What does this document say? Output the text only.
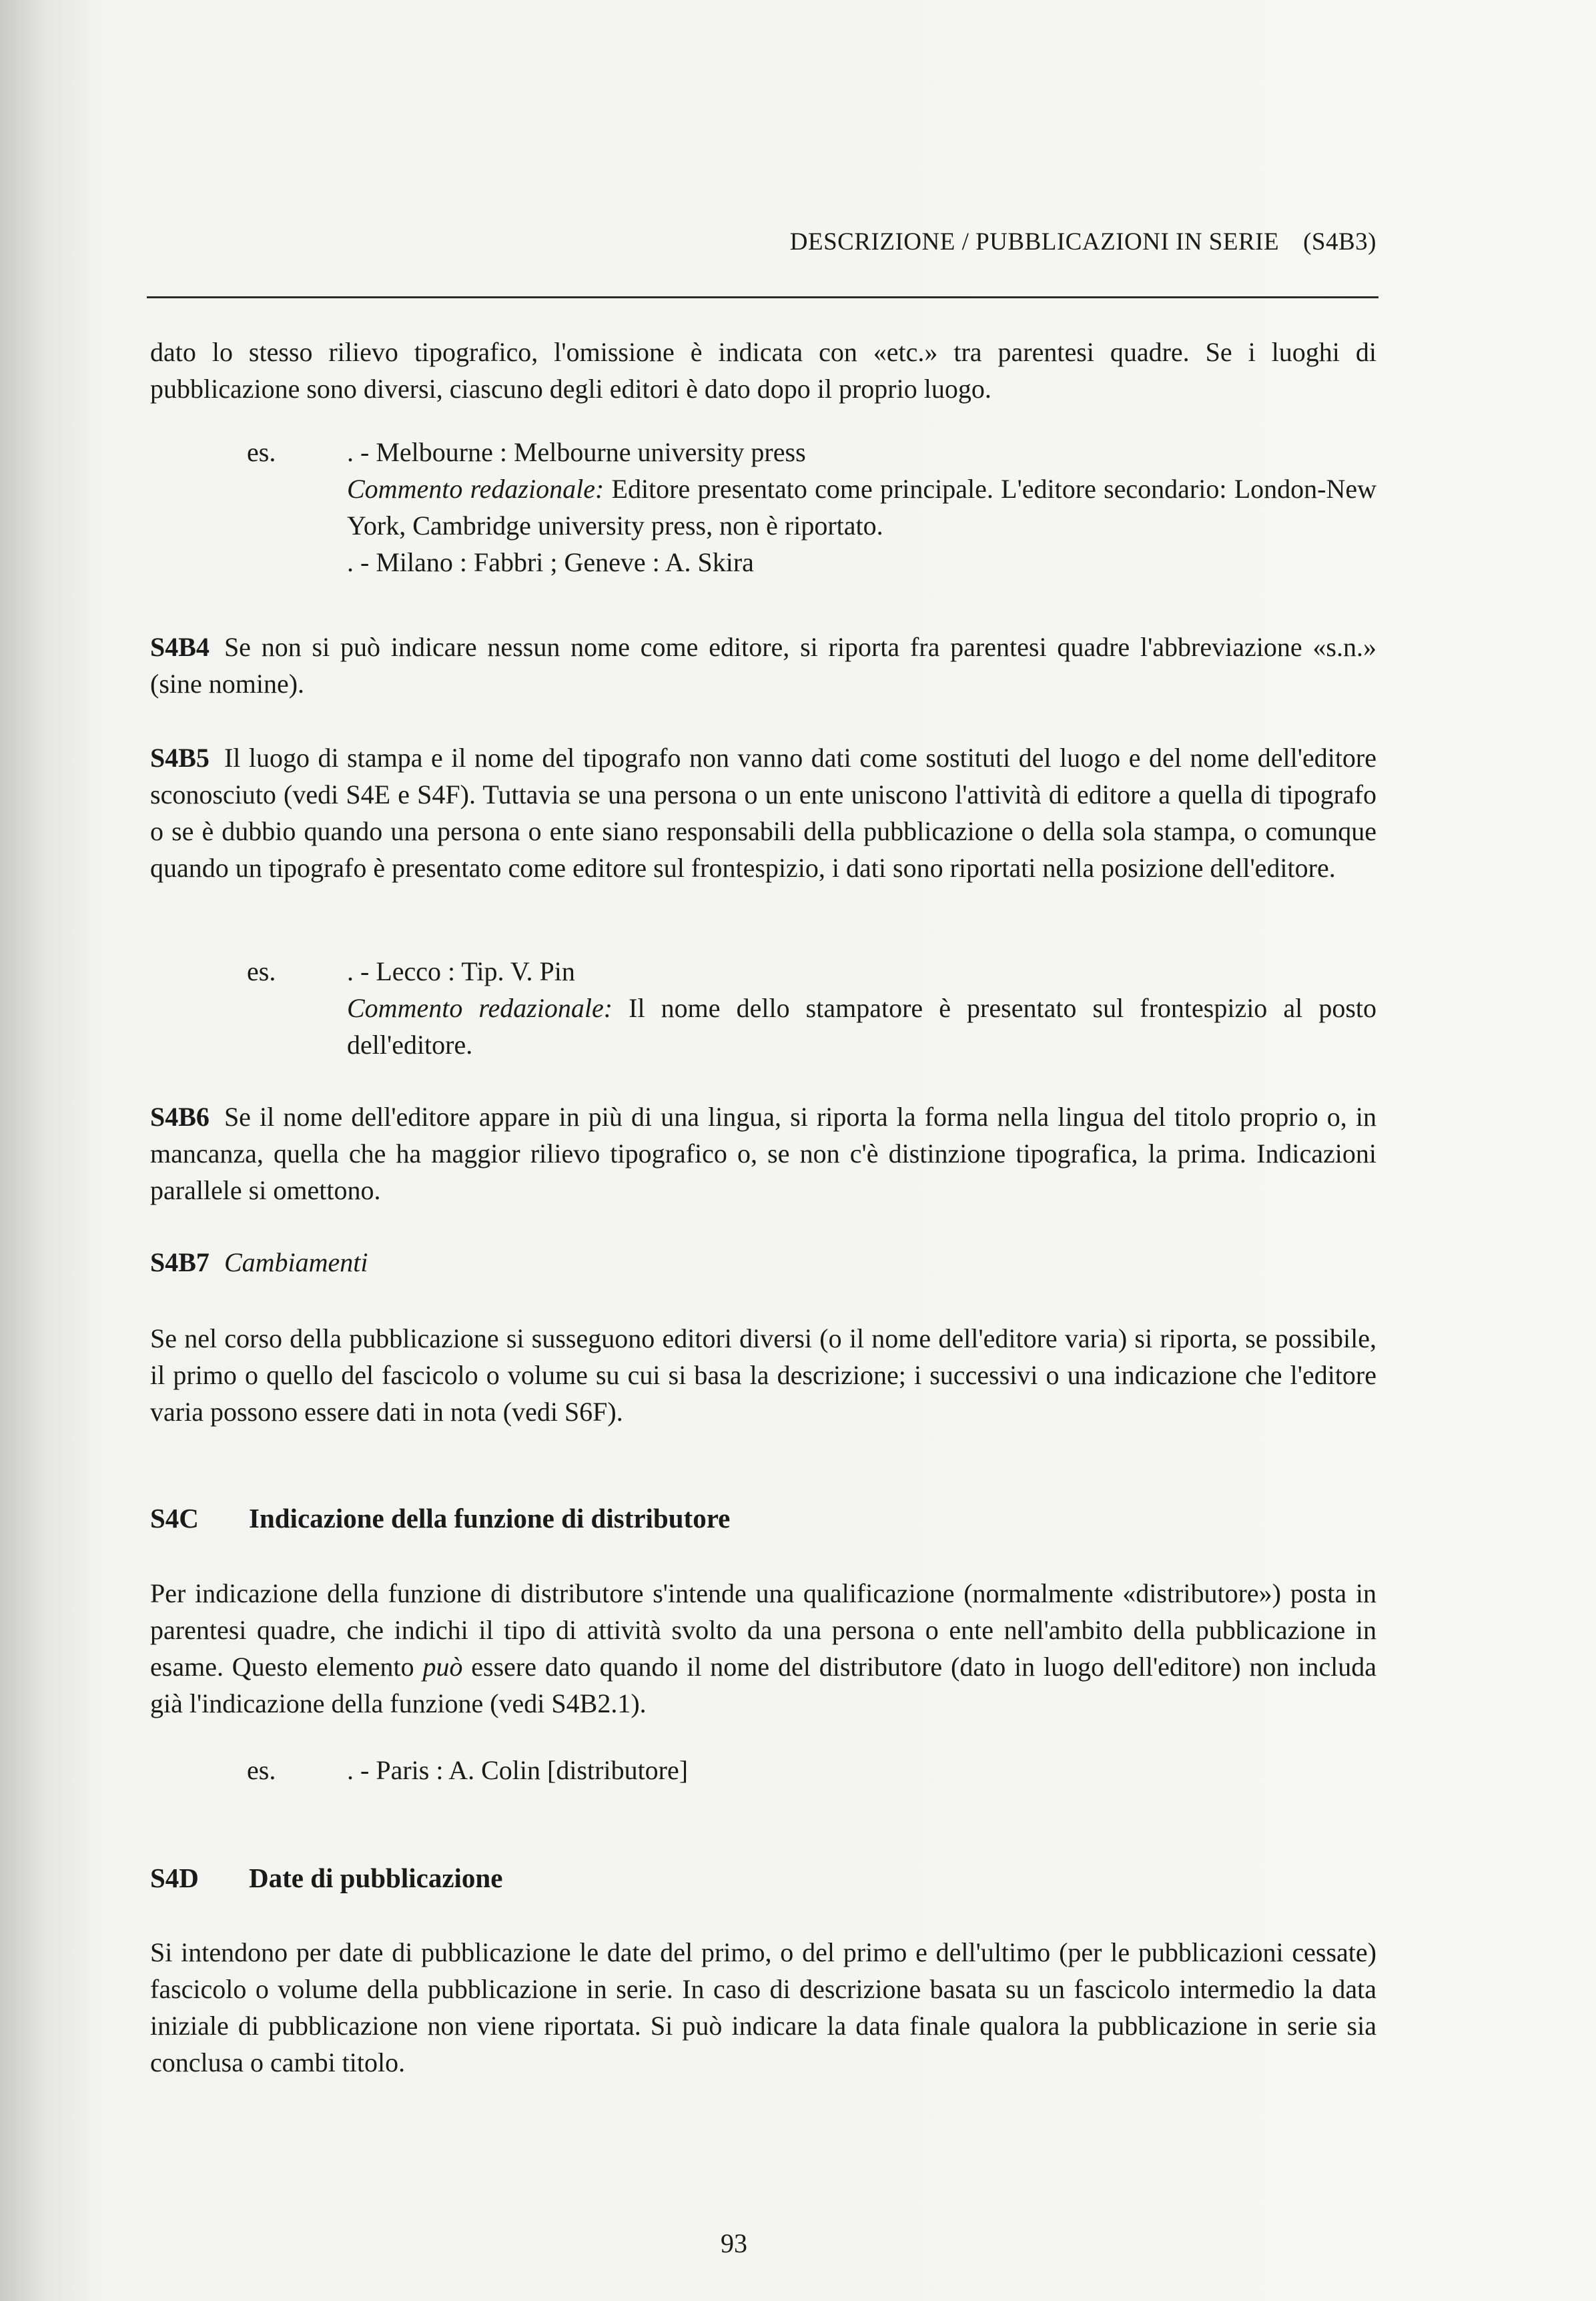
DESCRIZIONE / PUBBLICAZIONI IN SERIE (S4B3)
dato lo stesso rilievo tipografico, l'omissione è indicata con «etc.» tra parentesi quadre. Se i luoghi di pubblicazione sono diversi, ciascuno degli editori è dato dopo il proprio luogo.
es.	. - Melbourne : Melbourne university press
Commento redazionale: Editore presentato come principale. L'editore secondario: London-New York, Cambridge university press, non è riportato.
. - Milano : Fabbri ; Geneve : A. Skira
S4B4 Se non si può indicare nessun nome come editore, si riporta fra parentesi quadre l'abbreviazione «s.n.» (sine nomine).
S4B5 Il luogo di stampa e il nome del tipografo non vanno dati come sostituti del luogo e del nome dell'editore sconosciuto (vedi S4E e S4F). Tuttavia se una persona o un ente uniscono l'attività di editore a quella di tipografo o se è dubbio quando una persona o ente siano responsabili della pubblicazione o della sola stampa, o comunque quando un tipografo è presentato come editore sul frontespizio, i dati sono riportati nella posizione dell'editore.
es.	. - Lecco : Tip. V. Pin
Commento redazionale: Il nome dello stampatore è presentato sul frontespizio al posto dell'editore.
S4B6 Se il nome dell'editore appare in più di una lingua, si riporta la forma nella lingua del titolo proprio o, in mancanza, quella che ha maggior rilievo tipografico o, se non c'è distinzione tipografica, la prima. Indicazioni parallele si omettono.
S4B7 Cambiamenti
Se nel corso della pubblicazione si susseguono editori diversi (o il nome dell'editore varia) si riporta, se possibile, il primo o quello del fascicolo o volume su cui si basa la descrizione; i successivi o una indicazione che l'editore varia possono essere dati in nota (vedi S6F).
S4C Indicazione della funzione di distributore
Per indicazione della funzione di distributore s'intende una qualificazione (normalmente «distributore») posta in parentesi quadre, che indichi il tipo di attività svolto da una persona o ente nell'ambito della pubblicazione in esame. Questo elemento può essere dato quando il nome del distributore (dato in luogo dell'editore) non includa già l'indicazione della funzione (vedi S4B2.1).
es.	. - Paris : A. Colin [distributore]
S4D Date di pubblicazione
Si intendono per date di pubblicazione le date del primo, o del primo e dell'ultimo (per le pubblicazioni cessate) fascicolo o volume della pubblicazione in serie. In caso di descrizione basata su un fascicolo intermedio la data iniziale di pubblicazione non viene riportata. Si può indicare la data finale qualora la pubblicazione in serie sia conclusa o cambi titolo.
93
